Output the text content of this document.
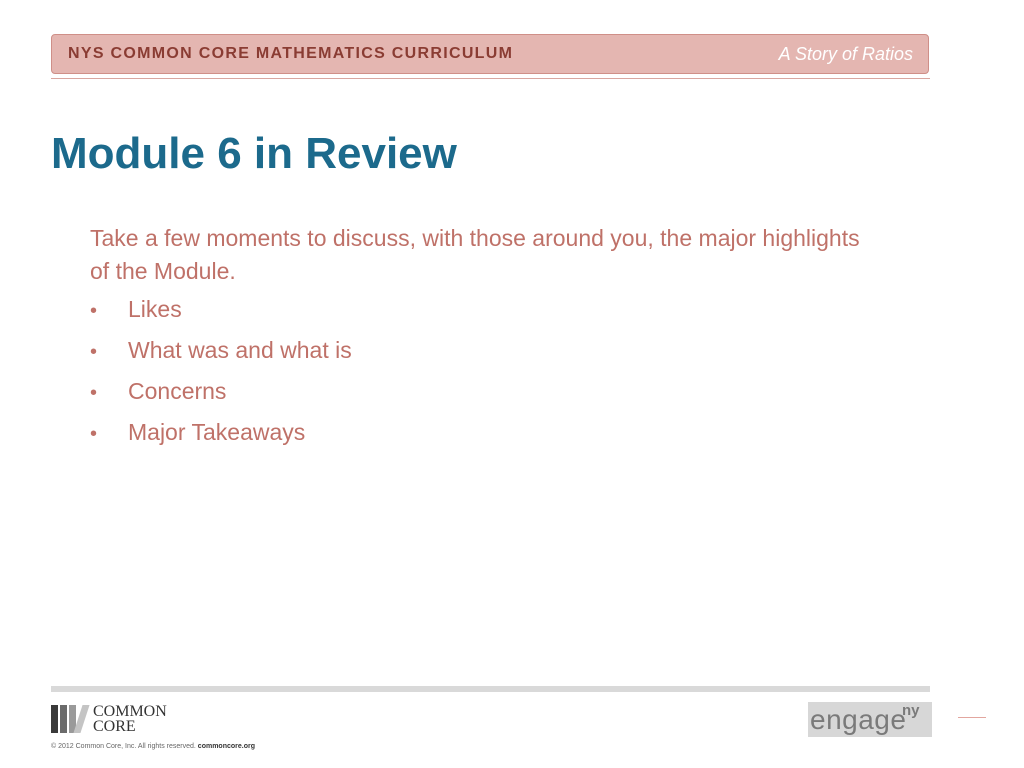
NYS COMMON CORE MATHEMATICS CURRICULUM	A Story of Ratios
Module 6 in Review

Take a few moments to discuss, with those around you, the major highlights of the Module.

•	Likes
•	What was and what is
•	Concerns
•	Major Takeaways
COMMON
CORE
© 2012 Common Core, Inc. All rights reserved. commoncore.org
engage
ny
